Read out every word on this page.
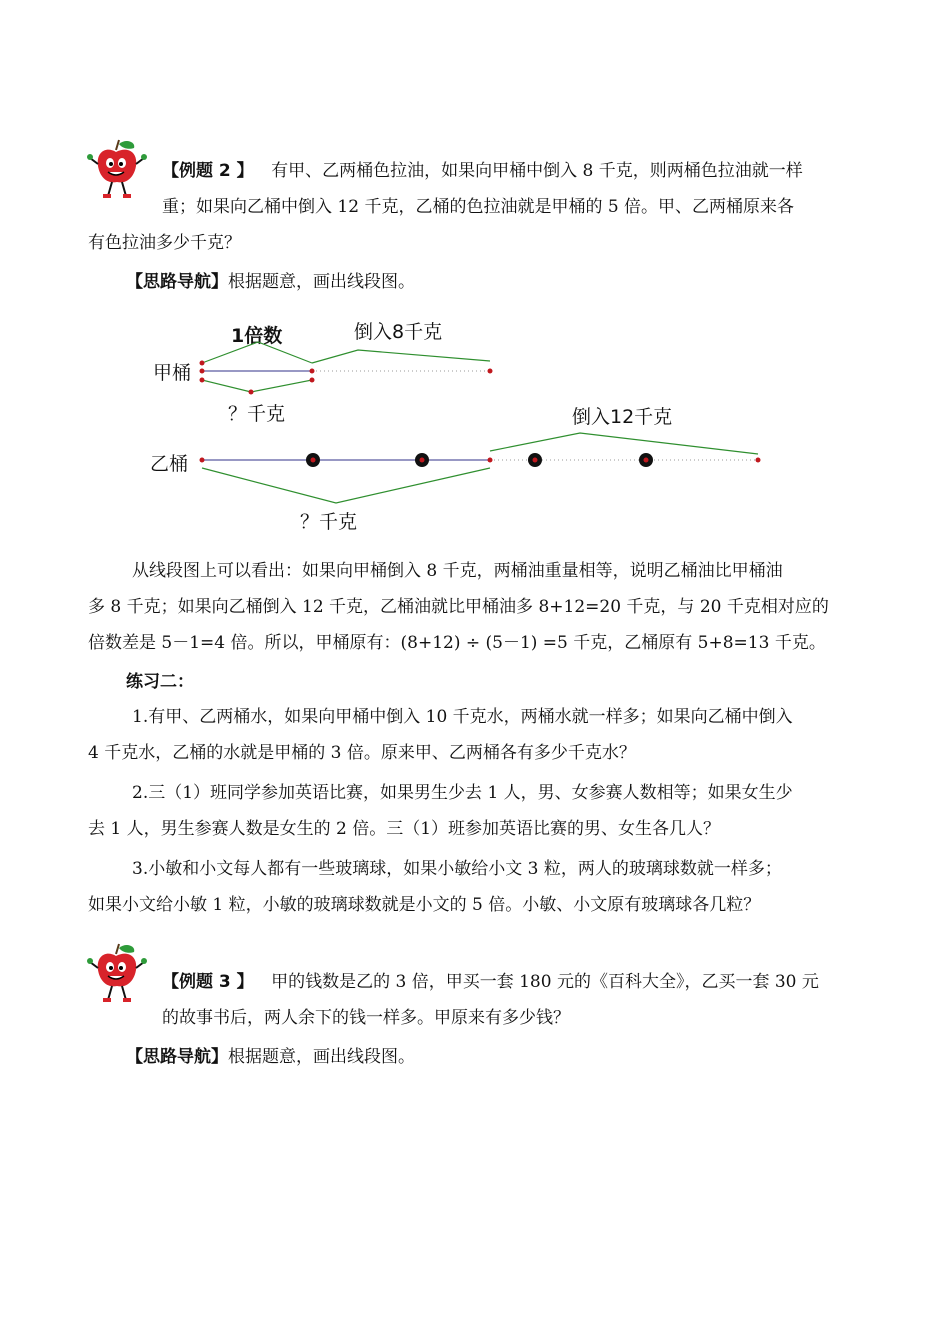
【例题 2 】 有甲、乙两桶色拉油，如果向甲桶中倒入 8 千克，则两桶色拉油就一样
重；如果向乙桶中倒入 12 千克，乙桶的色拉油就是甲桶的 5 倍。甲、乙两桶原来各
有色拉油多少千克？
【思路导航】根据题意，画出线段图。
甲桶
1倍数	倒入8千克
？千克
乙桶
倒入12千克
？千克
从线段图上可以看出：如果向甲桶倒入 8 千克，两桶油重量相等，说明乙桶油比甲桶油
多 8 千克；如果向乙桶倒入 12 千克，乙桶油就比甲桶油多 8+12=20 千克，与 20 千克相对应的
倍数差是 5－1=4 倍。所以，甲桶原有：(8+12) ÷ (5－1) =5 千克，乙桶原有 5+8=13 千克。
练习二：
1.有甲、乙两桶水，如果向甲桶中倒入 10 千克水，两桶水就一样多；如果向乙桶中倒入
4 千克水，乙桶的水就是甲桶的 3 倍。原来甲、乙两桶各有多少千克水？
2.三（1）班同学参加英语比赛，如果男生少去 1 人，男、女参赛人数相等；如果女生少
去 1 人，男生参赛人数是女生的 2 倍。三（1）班参加英语比赛的男、女生各几人？
3.小敏和小文每人都有一些玻璃球，如果小敏给小文 3 粒，两人的玻璃球数就一样多；
如果小文给小敏 1 粒，小敏的玻璃球数就是小文的 5 倍。小敏、小文原有玻璃球各几粒？
【例题 3 】 甲的钱数是乙的 3 倍，甲买一套 180 元的《百科大全》，乙买一套 30 元
的故事书后，两人余下的钱一样多。甲原来有多少钱？
【思路导航】根据题意，画出线段图。
